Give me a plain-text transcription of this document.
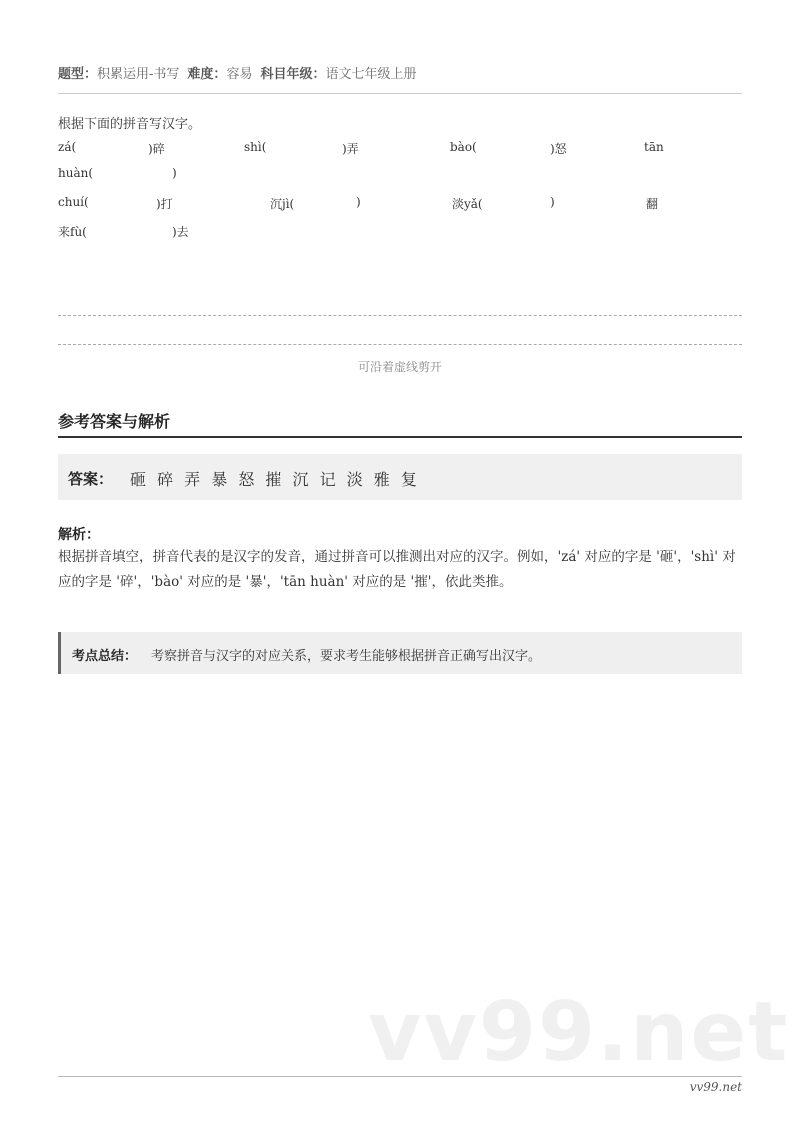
题型：积累运用-书写 难度：容易 科目年级：语文七年级上册
根据下面的拼音写汉字。
zá(	)碎	shì(	)弄	bào(	)怒	tān
huàn(	)
chuí(	)打	沉jì(	)	淡yǎ(	)	翻
来fù(	)去
可沿着虚线剪开
参考答案与解析
答案： 砸 碎 弄 暴 怒 摧 沉 记 淡 雅 复
解析：
根据拼音填空，拼音代表的是汉字的发音，通过拼音可以推测出对应的汉字。例如，'zá' 对应的字是 '砸'，'shì' 对应的字是 '碎'，'bào' 对应的是 '暴'，'tān huàn' 对应的是 '摧'，依此类推。
考点总结： 考察拼音与汉字的对应关系，要求考生能够根据拼音正确写出汉字。
vv99.net
vv99.net
